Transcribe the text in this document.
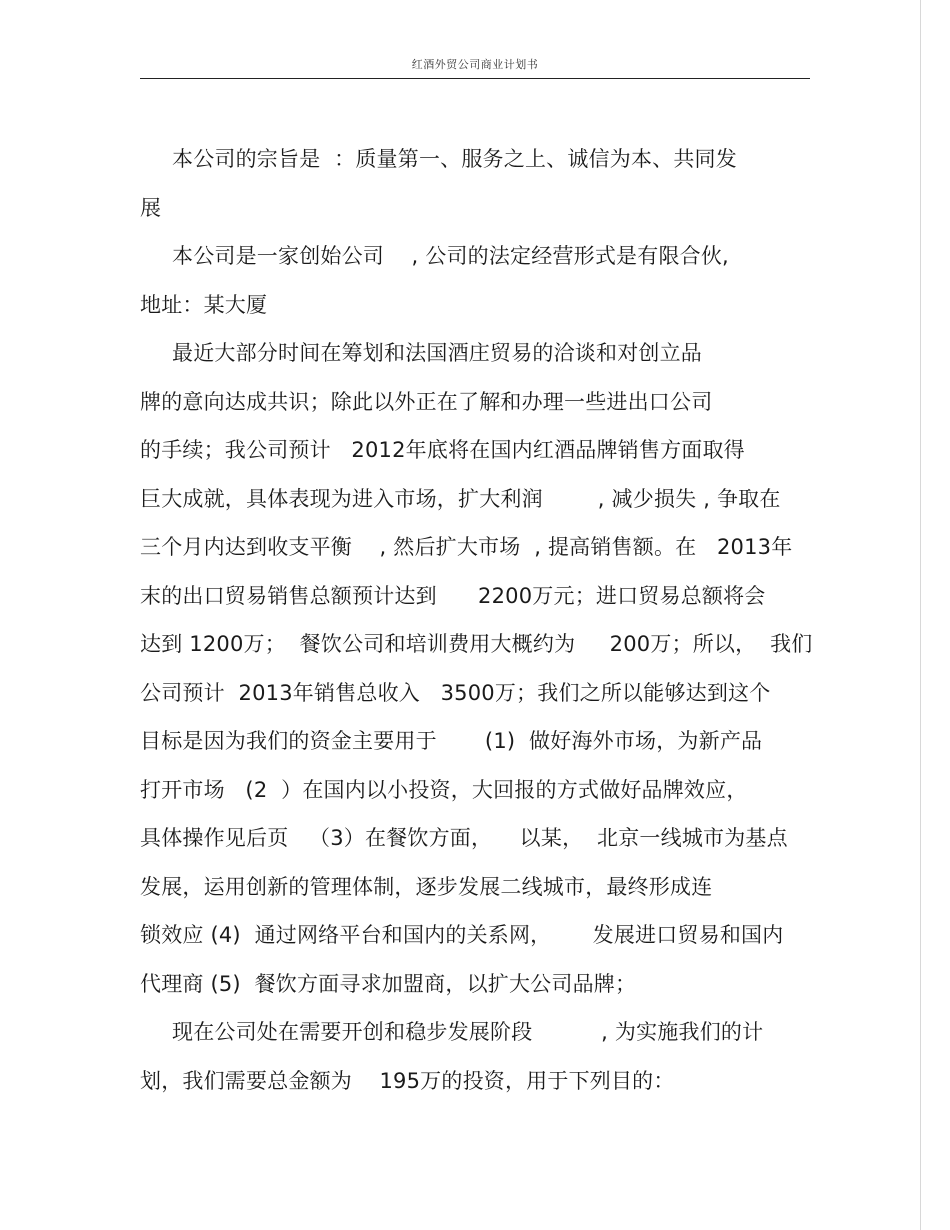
红酒外贸公司商业计划书
本公司的宗旨是  ：质量第一、服务之上、诚信为本、共同发
展
本公司是一家创始公司    , 公司的法定经营形式是有限合伙,
地址：某大厦
最近大部分时间在筹划和法国酒庄贸易的洽谈和对创立品
牌的意向达成共识；除此以外正在了解和办理一些进出口公司
的手续；我公司预计   2012年底将在国内红酒品牌销售方面取得
巨大成就，具体表现为进入市场，扩大利润        , 减少损失 , 争取在
三个月内达到收支平衡    , 然后扩大市场  , 提高销售额。在   2013年
末的出口贸易销售总额预计达到      2200万元；进口贸易总额将会
达到 1200万；  餐饮公司和培训费用大概约为     200万；所以，  我们
公司预计  2013年销售总收入   3500万；我们之所以能够达到这个
目标是因为我们的资金主要用于       (1)  做好海外市场，为新产品
打开市场   (2  ）在国内以小投资，大回报的方式做好品牌效应，
具体操作见后页   （3）在餐饮方面，    以某，  北京一线城市为基点
发展，运用创新的管理体制，逐步发展二线城市，最终形成连
锁效应 (4)  通过网络平台和国内的关系网，      发展进口贸易和国内
代理商 (5)  餐饮方面寻求加盟商，以扩大公司品牌；
现在公司处在需要开创和稳步发展阶段          , 为实施我们的计
划，我们需要总金额为    195万的投资，用于下列目的：
